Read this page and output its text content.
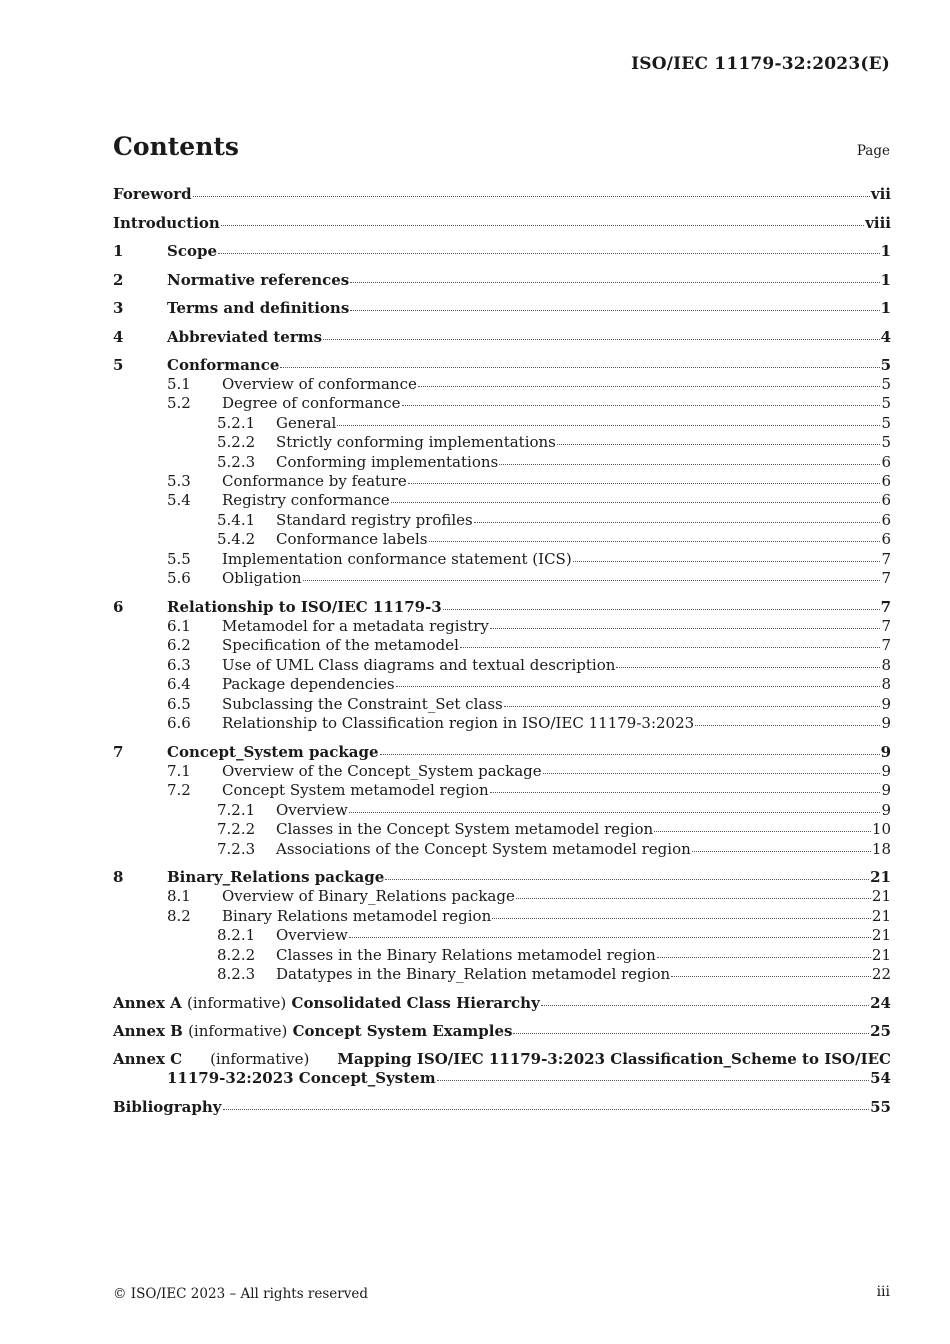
ISO/IEC 11179-32:2023(E)
Contents	Page
Foreword	vii
Introduction	viii
1	Scope	1
2	Normative references	1
3	Terms and definitions	1
4	Abbreviated terms	4
5	Conformance	5
5.1	Overview of conformance	5
5.2	Degree of conformance	5
5.2.1	General	5
5.2.2	Strictly conforming implementations	5
5.2.3	Conforming implementations	6
5.3	Conformance by feature	6
5.4	Registry conformance	6
5.4.1	Standard registry profiles	6
5.4.2	Conformance labels	6
5.5	Implementation conformance statement (ICS)	7
5.6	Obligation	7
6	Relationship to ISO/IEC 11179-3	7
6.1	Metamodel for a metadata registry	7
6.2	Specification of the metamodel	7
6.3	Use of UML Class diagrams and textual description	8
6.4	Package dependencies	8
6.5	Subclassing the Constraint_Set class	9
6.6	Relationship to Classification region in ISO/IEC 11179-3:2023	9
7	Concept_System package	9
7.1	Overview of the Concept_System package	9
7.2	Concept System metamodel region	9
7.2.1	Overview	9
7.2.2	Classes in the Concept System metamodel region	10
7.2.3	Associations of the Concept System metamodel region	18
8	Binary_Relations package	21
8.1	Overview of Binary_Relations package	21
8.2	Binary Relations metamodel region	21
8.2.1	Overview	21
8.2.2	Classes in the Binary Relations metamodel region	21
8.2.3	Datatypes in the Binary_Relation metamodel region	22
Annex A (informative) Consolidated Class Hierarchy	24
Annex B (informative) Concept System Examples	25
Annex C (informative) Mapping ISO/IEC 11179-3:2023 Classification_Scheme to ISO/IEC
11179-32:2023 Concept_System	54
Bibliography	55
© ISO/IEC 2023 – All rights reserved	iii
